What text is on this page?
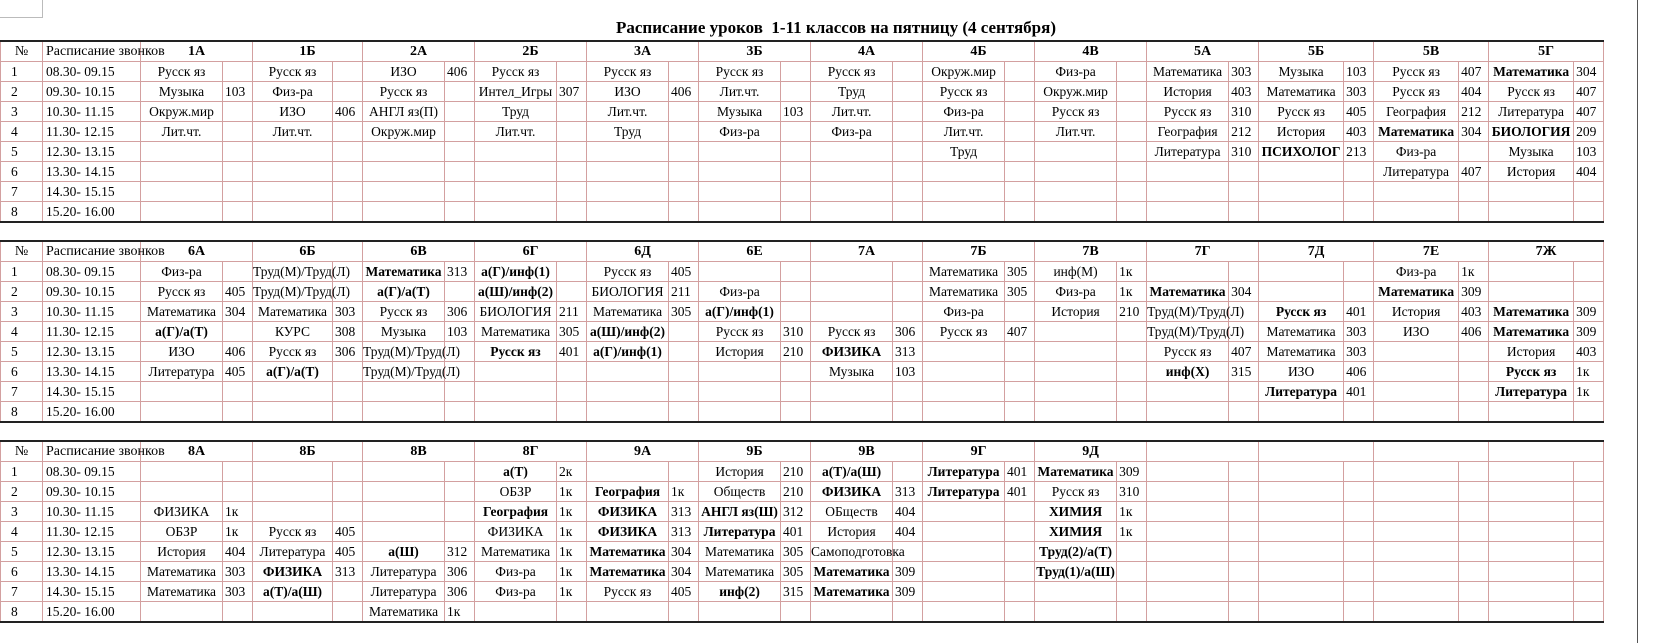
Расписание уроков  1-11 классов на пятницу (4 сентября)
№	Расписание звонков	1А		1Б		2А		2Б		3А		3Б		4А		4Б		4В		5А		5Б		5В		5Г	
1	08.30- 09.15	Русск яз		Русск яз		ИЗО	406	Русск яз		Русск яз		Русск яз		Русск яз		Окруж.мир		Физ-ра		Математика	303	Музыка	103	Русск яз	407	Математика	304
2	09.30- 10.15	Музыка	103	Физ-ра		Русск яз		Интел_Игры	307	ИЗО	406	Лит.чт.		Труд		Русск яз		Окруж.мир		История	403	Математика	303	Русск яз	404	Русск яз	407
3	10.30- 11.15	Окруж.мир		ИЗО	406	АНГЛ яз(П)		Труд		Лит.чт.		Музыка	103	Лит.чт.		Физ-ра		Русск яз		Русск яз	310	Русск яз	405	География	212	Литература	407
4	11.30- 12.15	Лит.чт.		Лит.чт.		Окруж.мир		Лит.чт.		Труд		Физ-ра		Физ-ра		Лит.чт.		Лит.чт.		География	212	История	403	Математика	304	БИОЛОГИЯ	209
5	12.30- 13.15															Труд				Литература	310	ПСИХОЛОГ	213	Физ-ра		Музыка	103
6	13.30- 14.15																							Литература	407	История	404
7	14.30- 15.15																										
8	15.20- 16.00																										
№	Расписание звонков	6А		6Б		6В		6Г		6Д		6Е		7А		7Б		7В		7Г		7Д		7Е		7Ж	
1	08.30- 09.15	Физ-ра		Труд(М)/Труд(Л)		Математика	313	а(Г)/инф(1)		Русск яз	405					Математика	305	инф(М)	1к					Физ-ра	1к		
2	09.30- 10.15	Русск яз	405	Труд(М)/Труд(Л)		а(Г)/а(Т)		а(Ш)/инф(2)		БИОЛОГИЯ	211	Физ-ра				Математика	305	Физ-ра	1к	Математика	304			Математика	309		
3	10.30- 11.15	Математика	304	Математика	303	Русск яз	306	БИОЛОГИЯ	211	Математика	305	а(Г)/инф(1)				Физ-ра		История	210	Труд(М)/Труд(Л)		Русск яз	401	История	403	Математика	309
4	11.30- 12.15	а(Г)/а(Т)		КУРС	308	Музыка	103	Математика	305	а(Ш)/инф(2)		Русск яз	310	Русск яз	306	Русск яз	407			Труд(М)/Труд(Л)		Математика	303	ИЗО	406	Математика	309
5	12.30- 13.15	ИЗО	406	Русск яз	306	Труд(М)/Труд(Л)		Русск яз	401	а(Г)/инф(1)		История	210	ФИЗИКА	313					Русск яз	407	Математика	303			История	403
6	13.30- 14.15	Литература	405	а(Г)/а(Т)		Труд(М)/Труд(Л)								Музыка	103					инф(Х)	315	ИЗО	406			Русск яз	1к
7	14.30- 15.15																					Литература	401			Литература	1к
8	15.20- 16.00																										
№	Расписание звонков	8А		8Б		8В		8Г		9А		9Б		9В		9Г		9Д									
1	08.30- 09.15							а(Т)	2к			История	210	а(Т)/а(Ш)		Литература	401	Математика	309								
2	09.30- 10.15							ОБЗР	1к	География	1к	Обществ	210	ФИЗИКА	313	Литература	401	Русск яз	310								
3	10.30- 11.15	ФИЗИКА	1к					География	1к	ФИЗИКА	313	АНГЛ яз(Ш)	312	ОБществ	404			ХИМИЯ	1к								
4	11.30- 12.15	ОБЗР	1к	Русск яз	405			ФИЗИКА	1к	ФИЗИКА	313	Литература	401	История	404			ХИМИЯ	1к								
5	12.30- 13.15	История	404	Литература	405	а(Ш)	312	Математика	1к	Математика	304	Математика	305	Самоподготовка				Труд(2)/а(Т)									
6	13.30- 14.15	Математика	303	ФИЗИКА	313	Литература	306	Физ-ра	1к	Математика	304	Математика	305	Математика	309			Труд(1)/а(Ш)									
7	14.30- 15.15	Математика	303	а(Т)/а(Ш)		Литература	306	Физ-ра	1к	Русск яз	405	инф(2)	315	Математика	309												
8	15.20- 16.00					Математика	1к																				
